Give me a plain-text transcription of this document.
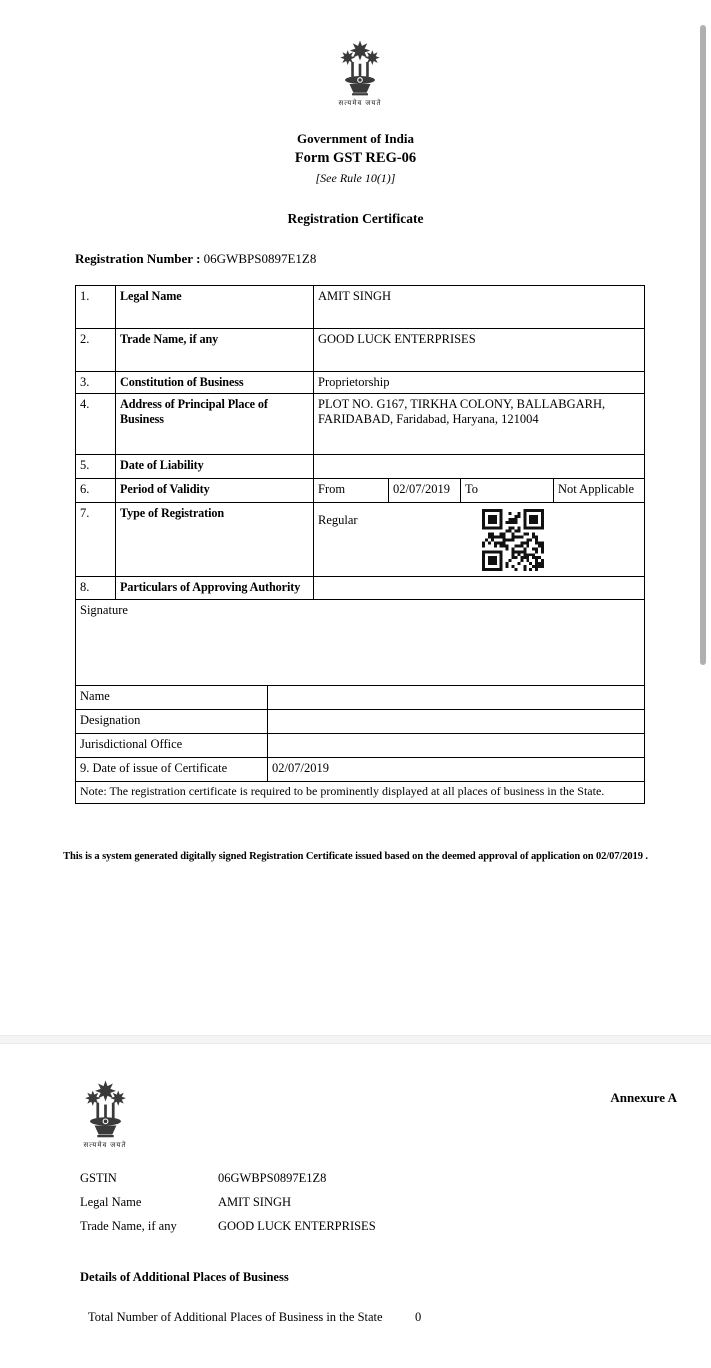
सत्यमेव जयते
Government of India
Form GST REG-06
[See Rule 10(1)]
Registration Certificate
Registration Number : 06GWBPS0897E1Z8
1.	Legal Name	AMIT SINGH
2.	Trade Name, if any	GOOD LUCK ENTERPRISES
3.	Constitution of Business	Proprietorship
4.	Address of Principal Place of Business
PLOT NO. G167, TIRKHA COLONY, BALLABGARH, FARIDABAD, Faridabad, Haryana, 121004
5.	Date of Liability
6.	Period of Validity	From	02/07/2019	To	Not Applicable
7.	Type of Registration	Regular
8.	Particulars of Approving Authority
Signature
Name
Designation
Jurisdictional Office
9. Date of issue of Certificate	02/07/2019
Note: The registration certificate is required to be prominently displayed at all places of business in the State.
This is a system generated digitally signed Registration Certificate issued based on the deemed approval of application on 02/07/2019 .
सत्यमेव जयते
Annexure A
GSTIN	06GWBPS0897E1Z8
Legal Name	AMIT SINGH
Trade Name, if any	GOOD LUCK ENTERPRISES
Details of Additional Places of Business
Total Number of Additional Places of Business in the State	0
